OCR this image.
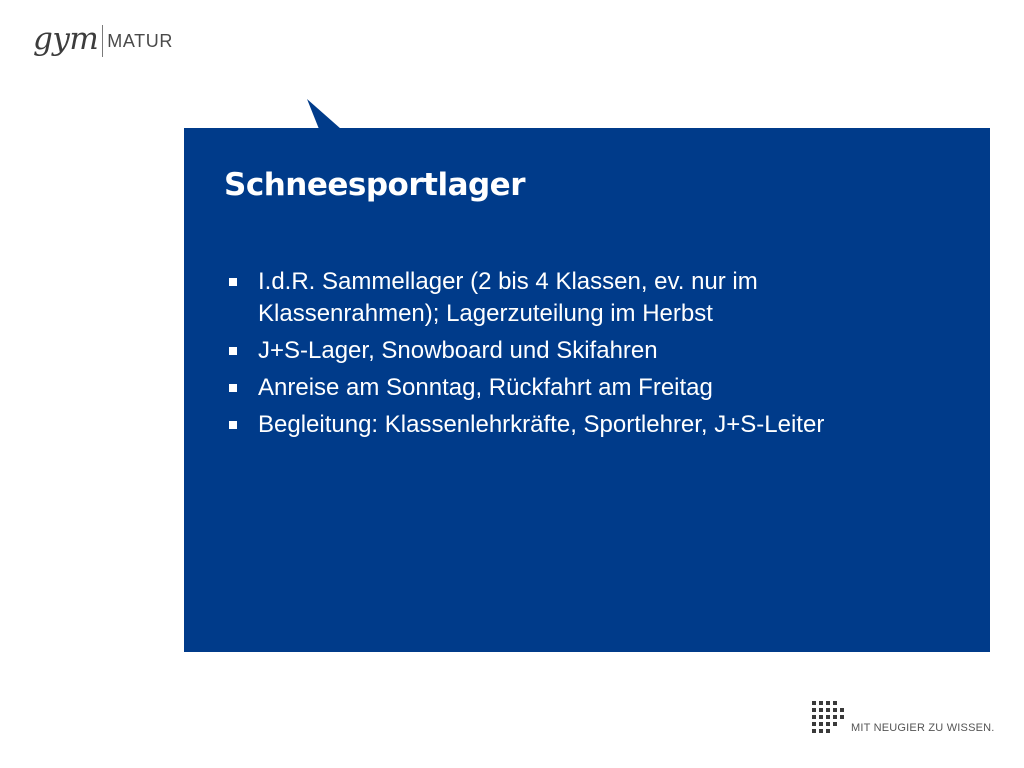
gym MATUR
Schneesportlager
I.d.R. Sammellager (2 bis 4 Klassen, ev. nur im Klassenrahmen); Lagerzuteilung im Herbst
J+S-Lager, Snowboard und Skifahren
Anreise am Sonntag, Rückfahrt am Freitag
Begleitung: Klassenlehrkräfte, Sportlehrer, J+S-Leiter
MIT NEUGIER ZU WISSEN.
